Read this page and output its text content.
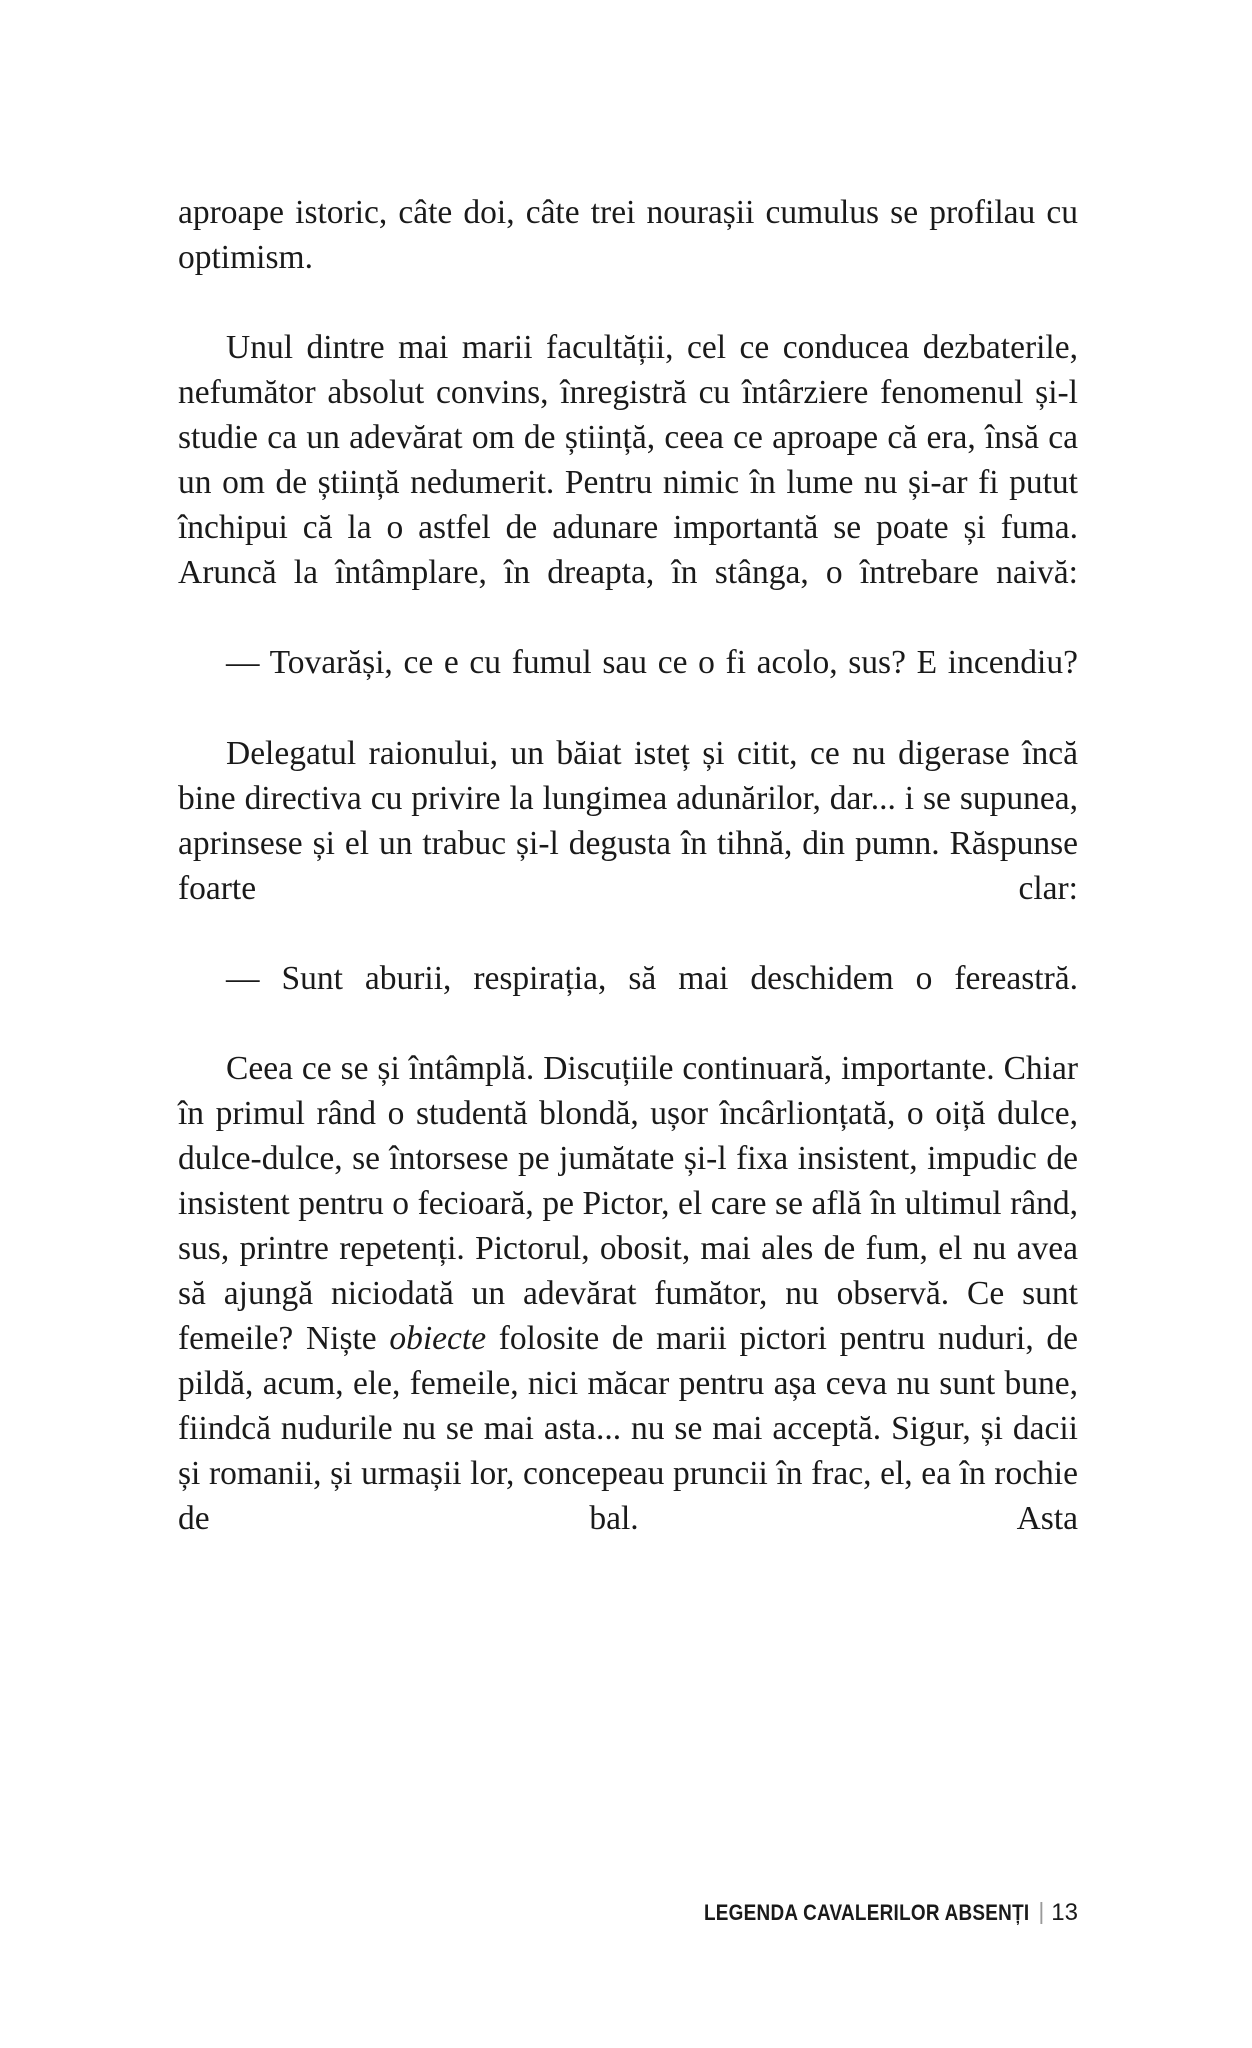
aproape istoric, câte doi, câte trei nourașii cumulus se profilau cu optimism.

Unul dintre mai marii facultății, cel ce conducea dezbaterile, nefumător absolut convins, înregistră cu întârziere fenomenul și-l studie ca un adevărat om de știință, ceea ce aproape că era, însă ca un om de știință nedumerit. Pentru nimic în lume nu și-ar fi putut închipui că la o astfel de adunare importantă se poate și fuma. Aruncă la întâmplare, în dreapta, în stânga, o întrebare naivă:

— Tovarăși, ce e cu fumul sau ce o fi acolo, sus? E incendiu?

Delegatul raionului, un băiat isteț și citit, ce nu digerase încă bine directiva cu privire la lungimea adunărilor, dar... i se supunea, aprinsese și el un trabuc și-l degusta în tihnă, din pumn. Răspunse foarte clar:

— Sunt aburii, respirația, să mai deschidem o fereastră.

Ceea ce se și întâmplă. Discuțiile continuară, importante. Chiar în primul rând o studentă blondă, ușor încârlionțată, o oiță dulce, dulce-dulce, se întorsese pe jumătate și-l fixa insistent, impudic de insistent pentru o fecioară, pe Pictor, el care se află în ultimul rând, sus, printre repetenți. Pictorul, obosit, mai ales de fum, el nu avea să ajungă niciodată un adevărat fumător, nu observă. Ce sunt femeile? Niște obiecte folosite de marii pictori pentru nuduri, de pildă, acum, ele, femeile, nici măcar pentru așa ceva nu sunt bune, fiindcă nudurile nu se mai asta... nu se mai acceptă. Sigur, și dacii și romanii, și urmașii lor, concepeau pruncii în frac, el, ea în rochie de bal. Asta

LEGENDA CAVALERILOR ABSENȚI | 13
